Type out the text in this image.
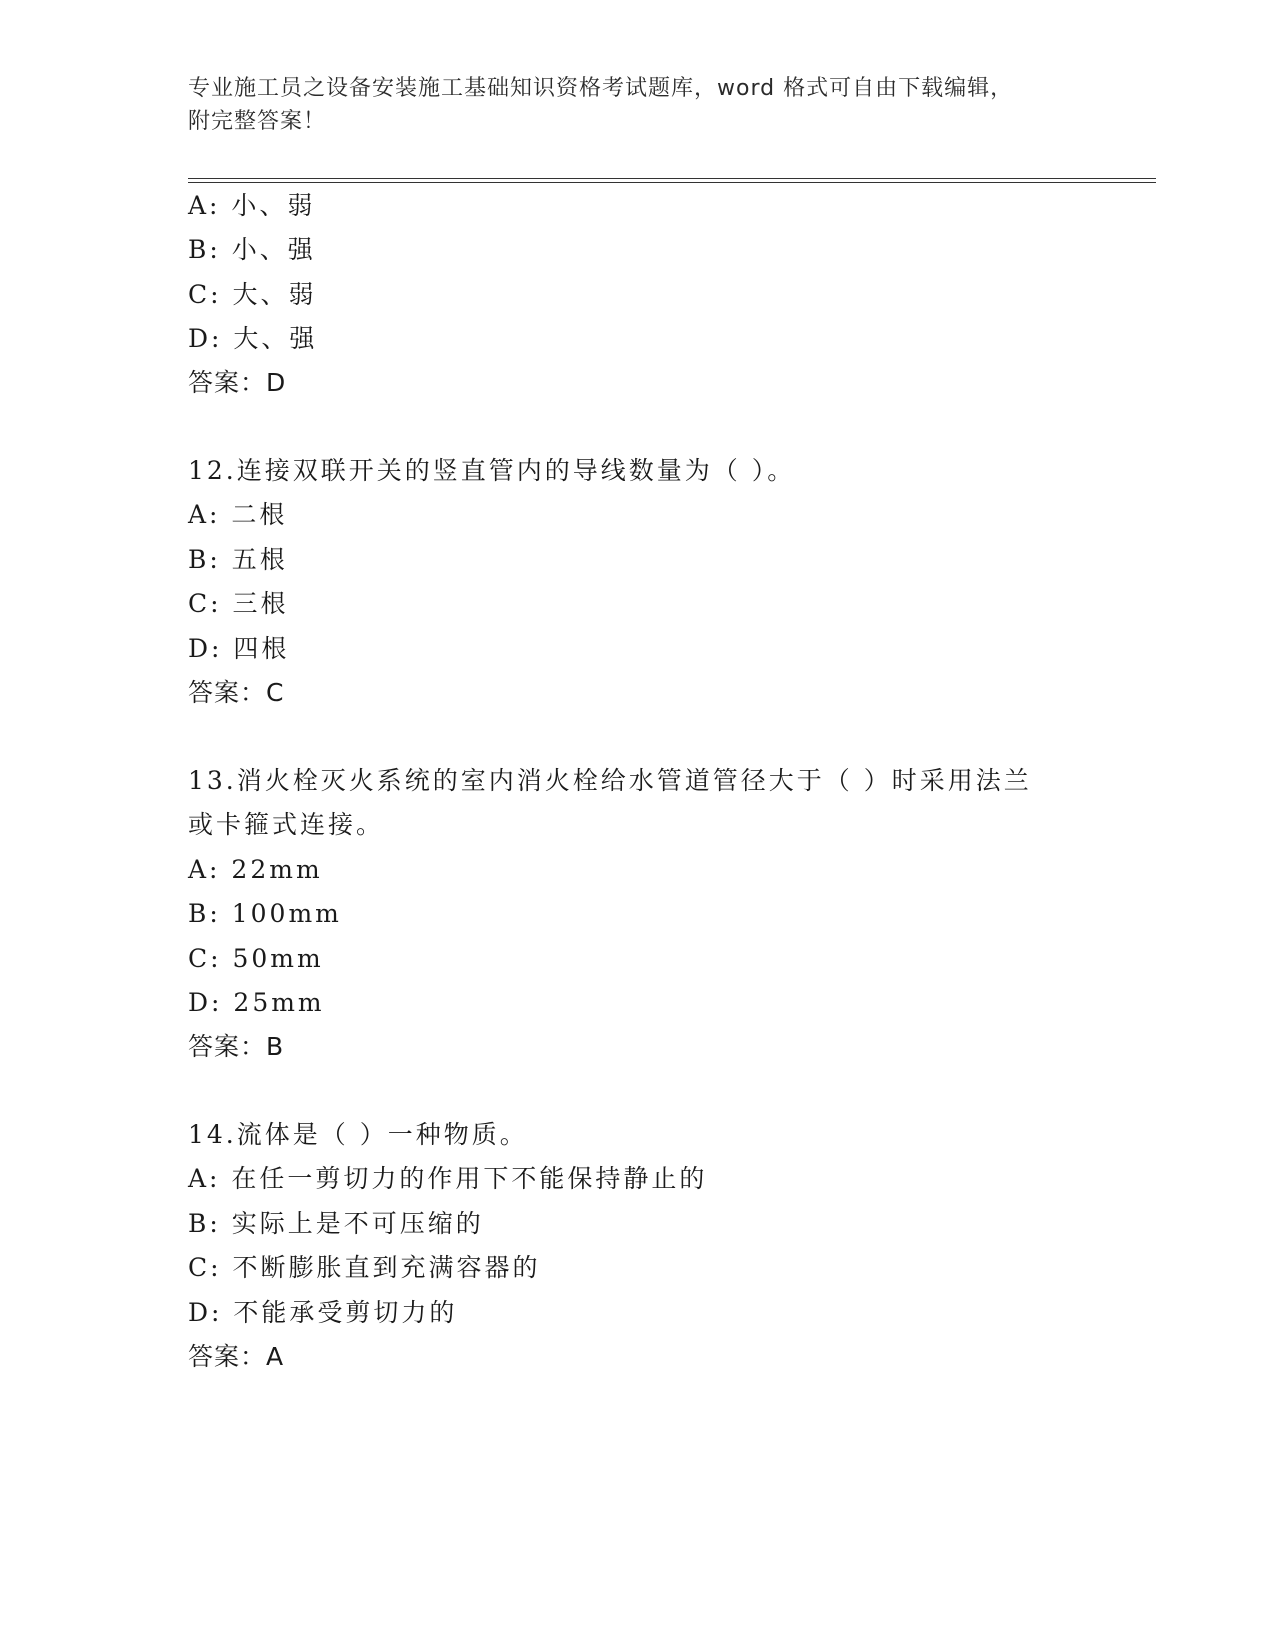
专业施工员之设备安装施工基础知识资格考试题库，word 格式可自由下载编辑，
附完整答案！
A: 小、弱
B: 小、强
C: 大、弱
D: 大、强
答案：D
12.连接双联开关的竖直管内的导线数量为（ ）。
A: 二根
B: 五根
C: 三根
D: 四根
答案：C
13.消火栓灭火系统的室内消火栓给水管道管径大于（ ）时采用法兰
或卡箍式连接。
A: 22mm
B: 100mm
C: 50mm
D: 25mm
答案：B
14.流体是（ ）一种物质。
A: 在任一剪切力的作用下不能保持静止的
B: 实际上是不可压缩的
C: 不断膨胀直到充满容器的
D: 不能承受剪切力的
答案：A
